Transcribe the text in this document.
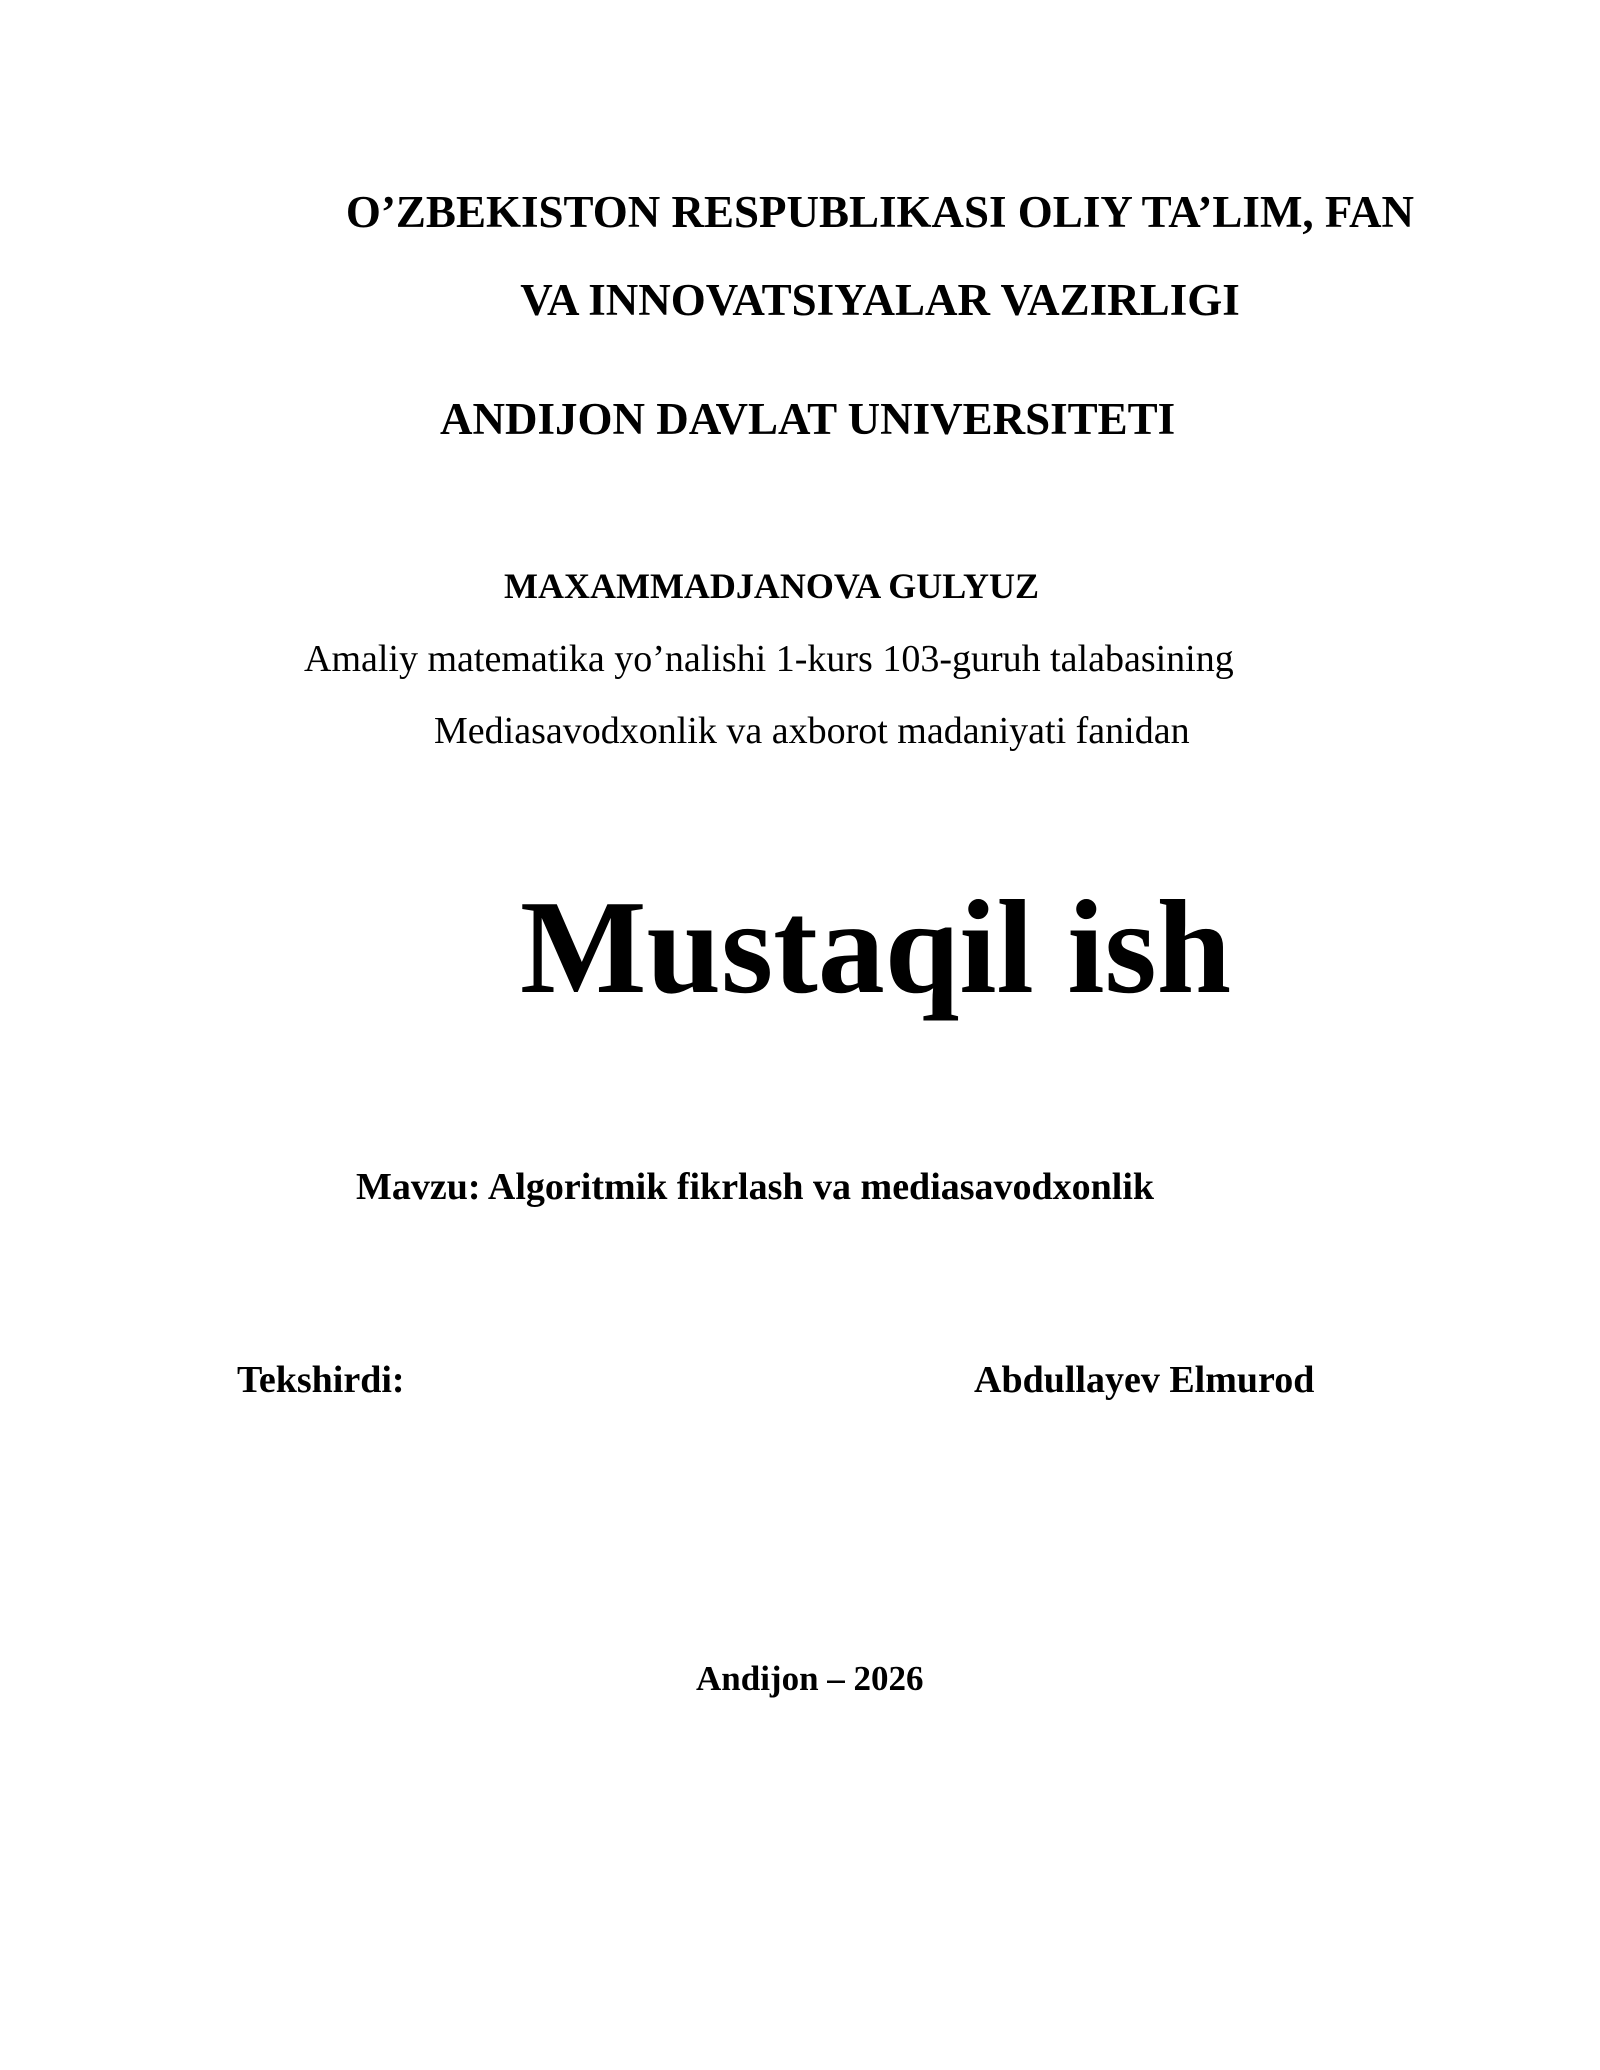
O’ZBEKISTON RESPUBLIKASI OLIY TA’LIM, FAN
VA INNOVATSIYALAR VAZIRLIGI
ANDIJON DAVLAT UNIVERSITETI
MAXAMMADJANOVA GULYUZ
Amaliy matematika yo’nalishi 1-kurs 103-guruh talabasining
Mediasavodxonlik va axborot madaniyati fanidan
Mustaqil ish
Mavzu: Algoritmik fikrlash va mediasavodxonlik
Tekshirdi:	Abdullayev Elmurod
Andijon – 2026
